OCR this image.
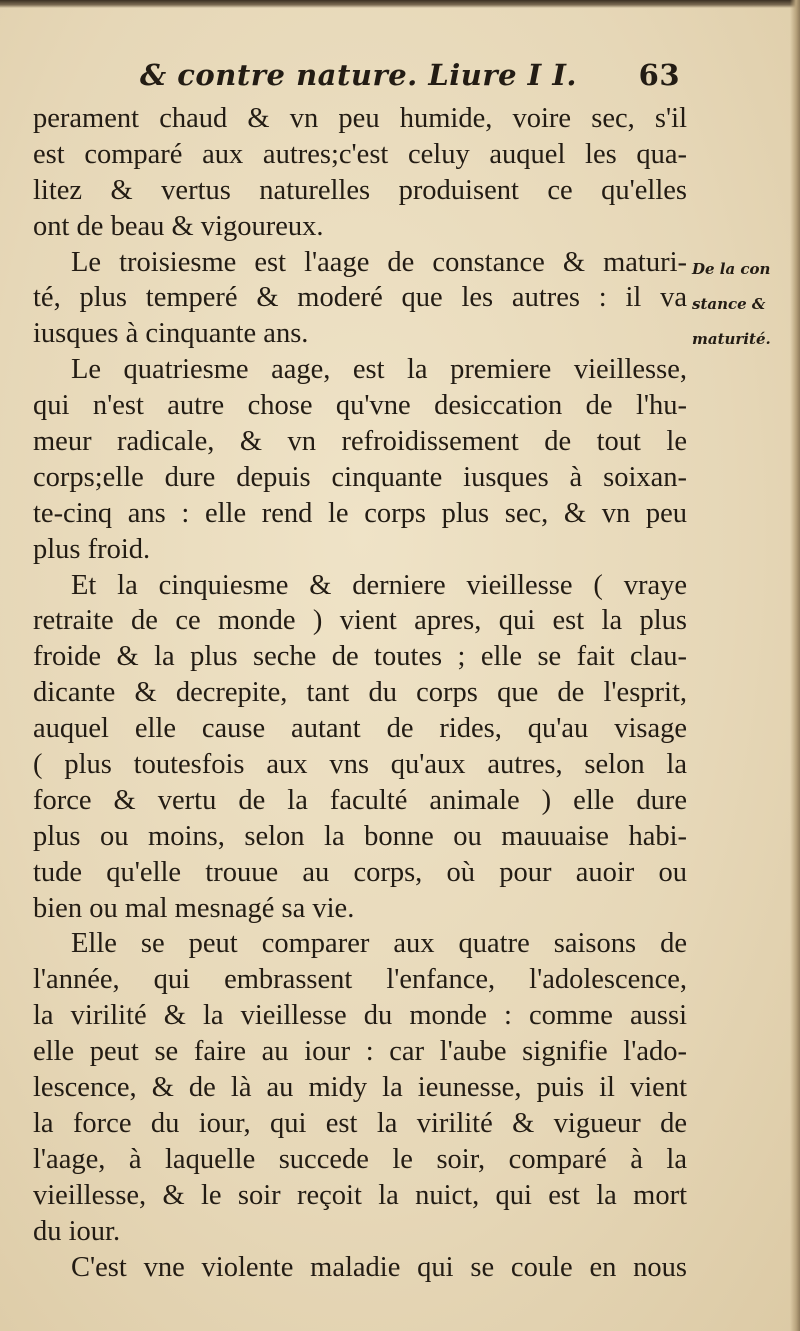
& contre nature. Liure I I. 63
De la con
stance &
maturité.
perament chaud & vn peu humide, voire sec, s'il
est comparé aux autres;c'est celuy auquel les qua-
litez & vertus naturelles produisent ce qu'elles
ont de beau & vigoureux.
Le troisiesme est l'aage de constance & maturi-
té, plus temperé & moderé que les autres : il va
iusques à cinquante ans.
Le quatriesme aage, est la premiere vieillesse,
qui n'est autre chose qu'vne desiccation de l'hu-
meur radicale, & vn refroidissement de tout le
corps;elle dure depuis cinquante iusques à soixan-
te-cinq ans : elle rend le corps plus sec, & vn peu
plus froid.
Et la cinquiesme & derniere vieillesse ( vraye
retraite de ce monde ) vient apres, qui est la plus
froide & la plus seche de toutes ; elle se fait clau-
dicante & decrepite, tant du corps que de l'esprit,
auquel elle cause autant de rides, qu'au visage
( plus toutesfois aux vns qu'aux autres, selon la
force & vertu de la faculté animale ) elle dure
plus ou moins, selon la bonne ou mauuaise habi-
tude qu'elle trouue au corps, où pour auoir ou
bien ou mal mesnagé sa vie.
Elle se peut comparer aux quatre saisons de
l'année, qui embrassent l'enfance, l'adolescence,
la virilité & la vieillesse du monde : comme aussi
elle peut se faire au iour : car l'aube signifie l'ado-
lescence, & de là au midy la ieunesse, puis il vient
la force du iour, qui est la virilité & vigueur de
l'aage, à laquelle succede le soir, comparé à la
vieillesse, & le soir reçoit la nuict, qui est la mort
du iour.
C'est vne violente maladie qui se coule en nous
